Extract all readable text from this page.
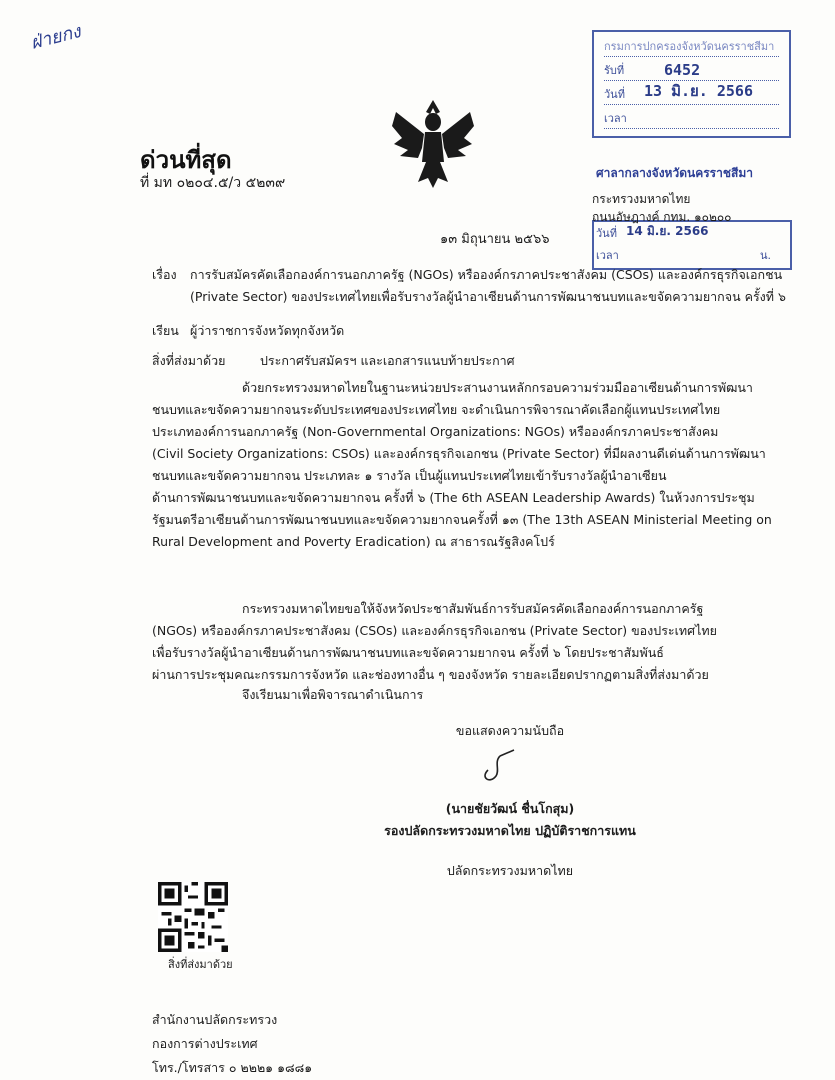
ฝ่ายกง	กรมการปกครองจังหวัดนครราชสีมา
รับที่	6452
วันที่ 13 มิ.ย. 2566
เวลา
ด่วนที่สุด
ที่ มท ๐๒๐๔.๕/ว ๕๒๓๙
ศาลากลางจังหวัดนครราชสีมา
วันที่ 14 มิ.ย. 2566
เวลา	น.
กระทรวงมหาดไทย
ถนนอัษฎางค์ กทม. ๑๐๒๐๐
๑๓ มิถุนายน ๒๕๖๖
เรื่อง การรับสมัครคัดเลือกองค์การนอกภาครัฐ (NGOs) หรือองค์กรภาคประชาสังคม (CSOs) และองค์กรธุรกิจเอกชน
(Private Sector) ของประเทศไทยเพื่อรับรางวัลผู้นำอาเซียนด้านการพัฒนาชนบทและขจัดความยากจน ครั้งที่ ๖
เรียน ผู้ว่าราชการจังหวัดทุกจังหวัด
สิ่งที่ส่งมาด้วย	ประกาศรับสมัครฯ และเอกสารแนบท้ายประกาศ
ด้วยกระทรวงมหาดไทยในฐานะหน่วยประสานงานหลักกรอบความร่วมมืออาเซียนด้านการพัฒนา
ชนบทและขจัดความยากจนระดับประเทศของประเทศไทย จะดำเนินการพิจารณาคัดเลือกผู้แทนประเทศไทย
ประเภทองค์การนอกภาครัฐ (Non-Governmental Organizations: NGOs) หรือองค์กรภาคประชาสังคม
(Civil Society Organizations: CSOs) และองค์กรธุรกิจเอกชน (Private Sector) ที่มีผลงานดีเด่นด้านการพัฒนา
ชนบทและขจัดความยากจน ประเภทละ ๑ รางวัล เป็นผู้แทนประเทศไทยเข้ารับรางวัลผู้นำอาเซียน
ด้านการพัฒนาชนบทและขจัดความยากจน ครั้งที่ ๖ (The 6th ASEAN Leadership Awards) ในห้วงการประชุม
รัฐมนตรีอาเซียนด้านการพัฒนาชนบทและขจัดความยากจนครั้งที่ ๑๓ (The 13th ASEAN Ministerial Meeting on
Rural Development and Poverty Eradication) ณ สาธารณรัฐสิงคโปร์
กระทรวงมหาดไทยขอให้จังหวัดประชาสัมพันธ์การรับสมัครคัดเลือกองค์การนอกภาครัฐ
(NGOs) หรือองค์กรภาคประชาสังคม (CSOs) และองค์กรธุรกิจเอกชน (Private Sector) ของประเทศไทย
เพื่อรับรางวัลผู้นำอาเซียนด้านการพัฒนาชนบทและขจัดความยากจน ครั้งที่ ๖ โดยประชาสัมพันธ์
ผ่านการประชุมคณะกรรมการจังหวัด และช่องทางอื่น ๆ ของจังหวัด รายละเอียดปรากฏตามสิ่งที่ส่งมาด้วย
จึงเรียนมาเพื่อพิจารณาดำเนินการ
ขอแสดงความนับถือ
(นายชัยวัฒน์ ชื่นโกสุม)
รองปลัดกระทรวงมหาดไทย ปฏิบัติราชการแทน
ปลัดกระทรวงมหาดไทย
สิ่งที่ส่งมาด้วย
สำนักงานปลัดกระทรวง
กองการต่างประเทศ
โทร./โทรสาร ๐ ๒๒๒๑ ๑๘๘๑
